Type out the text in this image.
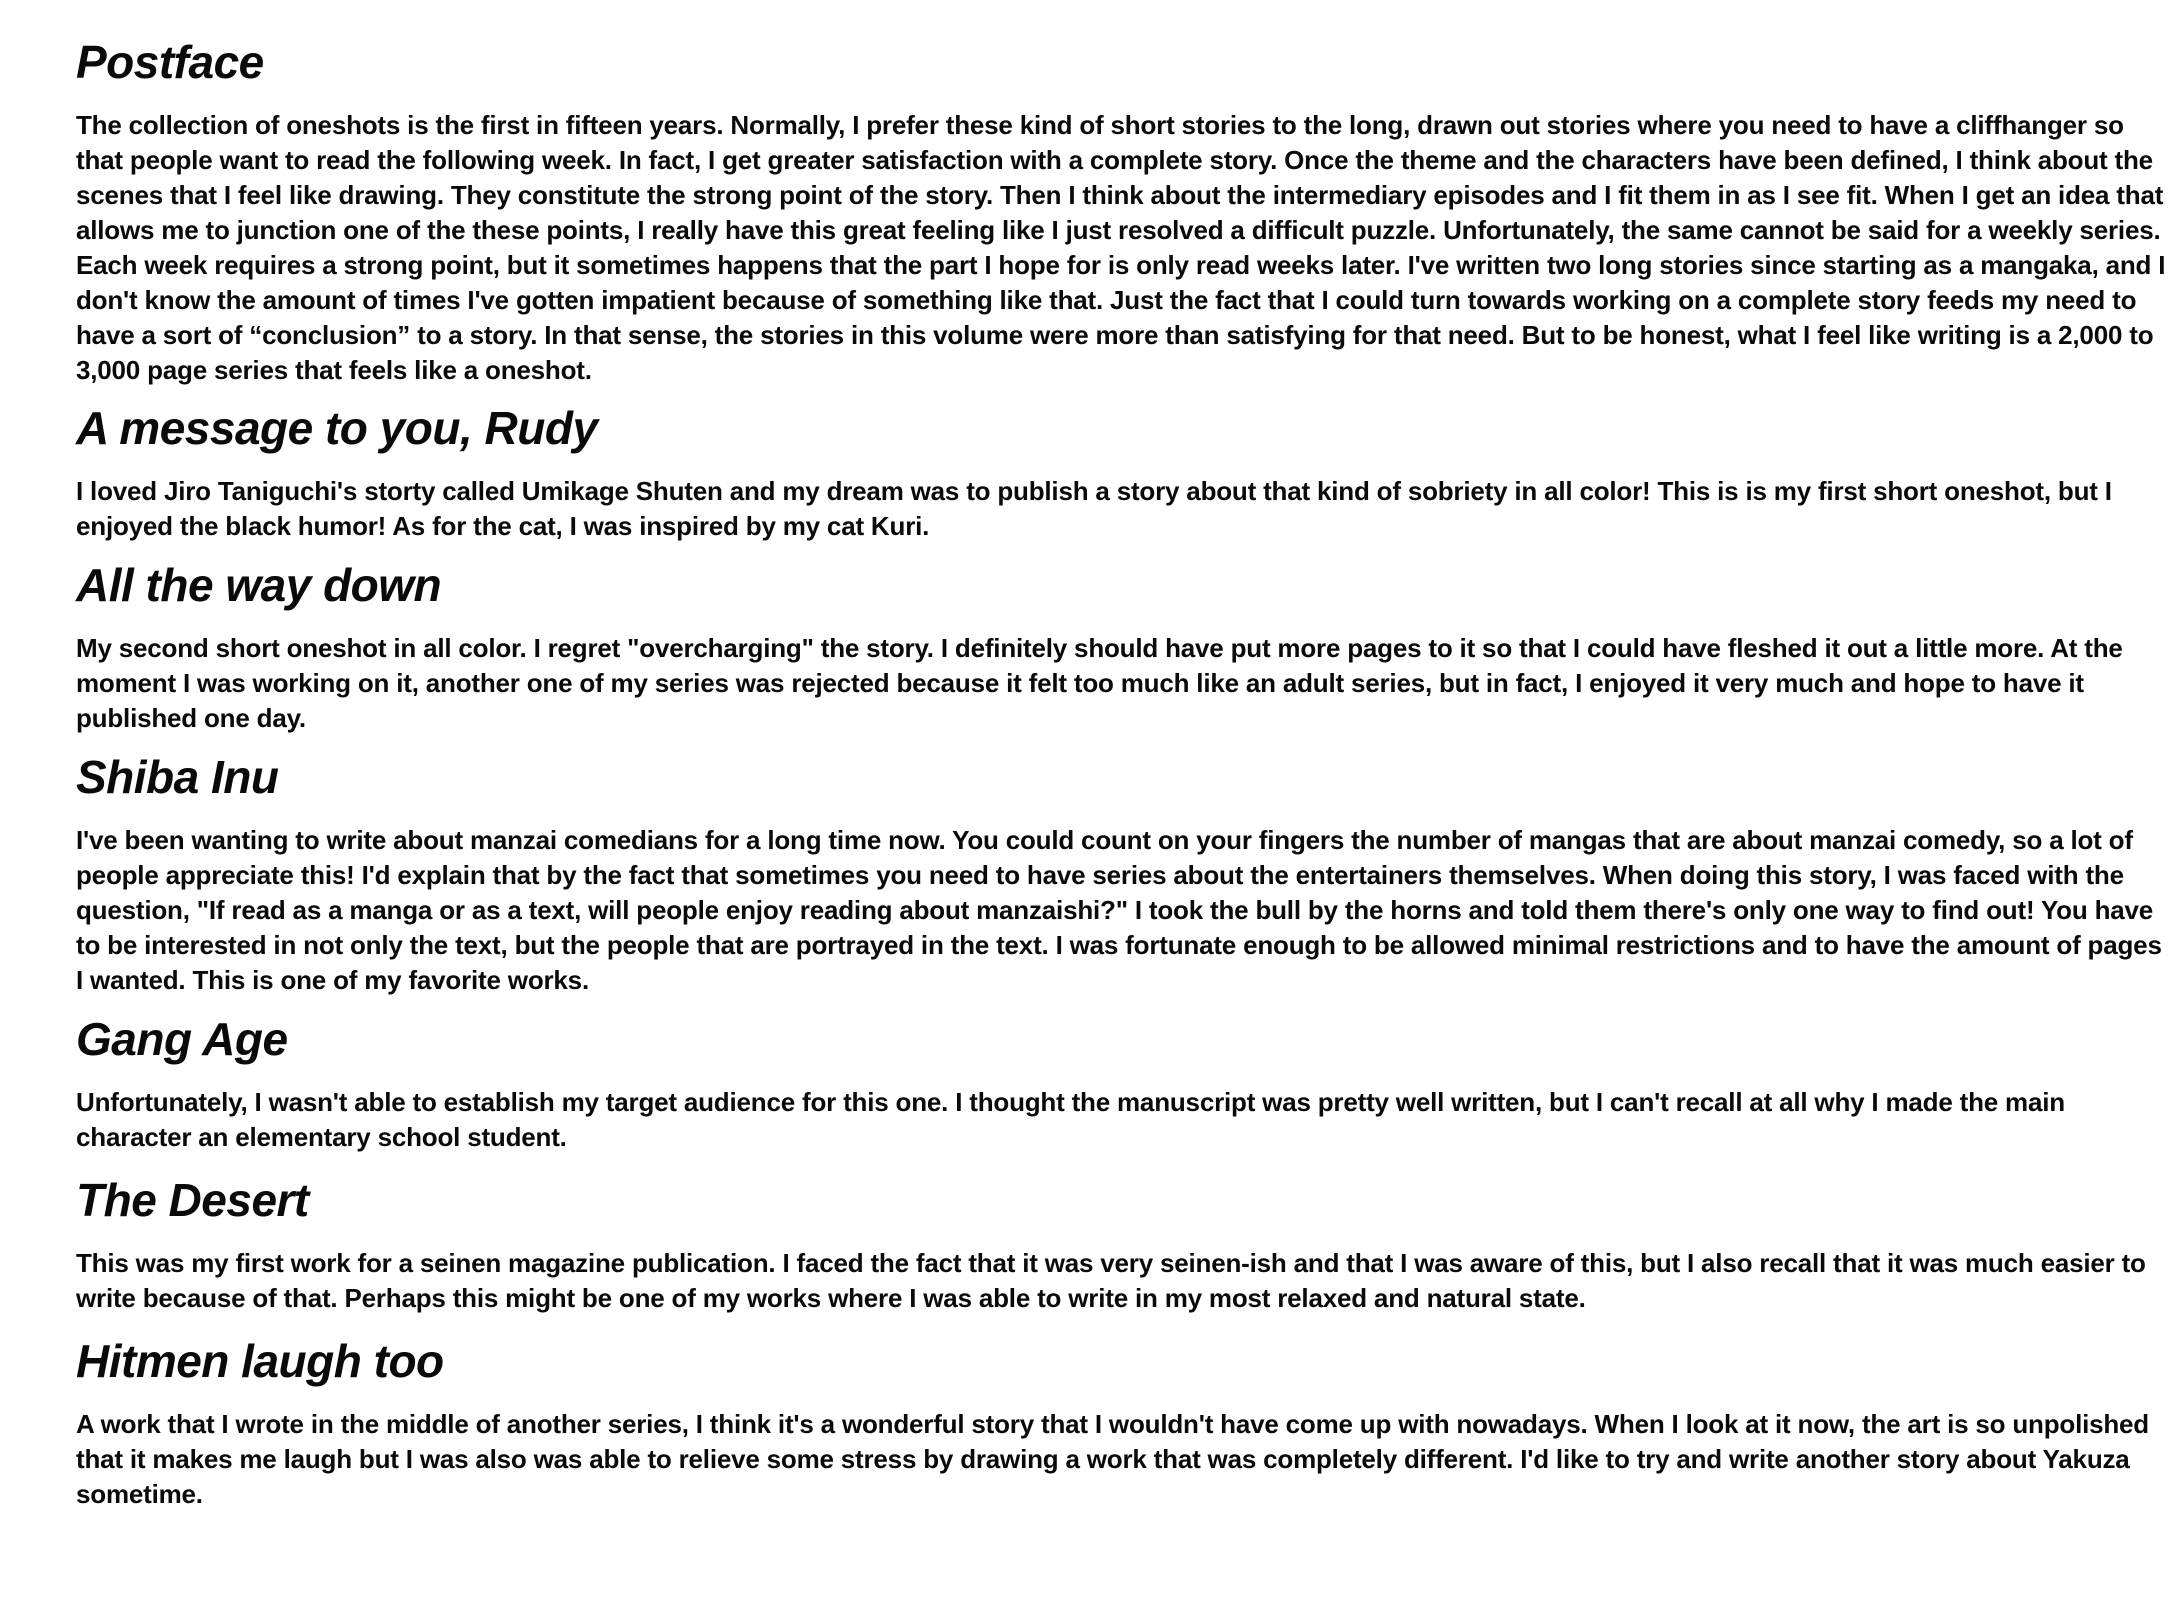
Postface

The collection of oneshots is the first in fifteen years. Normally, I prefer these kind of short stories to the long, drawn out stories where you need to have a cliffhanger so that people want to read the following week. In fact, I get greater satisfaction with a complete story. Once the theme and the characters have been defined, I think about the scenes that I feel like drawing. They constitute the strong point of the story. Then I think about the intermediary episodes and I fit them in as I see fit. When I get an idea that allows me to junction one of the these points, I really have this great feeling like I just resolved a difficult puzzle. Unfortunately, the same cannot be said for a weekly series. Each week requires a strong point, but it sometimes happens that the part I hope for is only read weeks later. I've written two long stories since starting as a mangaka, and I don't know the amount of times I've gotten impatient because of something like that. Just the fact that I could turn towards working on a complete story feeds my need to have a sort of “conclusion” to a story. In that sense, the stories in this volume were more than satisfying for that need. But to be honest, what I feel like writing is a 2,000 to 3,000 page series that feels like a oneshot.

A message to you, Rudy

I loved Jiro Taniguchi's storty called Umikage Shuten and my dream was to publish a story about that kind of sobriety in all color! This is is my first short oneshot, but I enjoyed the black humor! As for the cat, I was inspired by my cat Kuri.

All the way down

My second short oneshot in all color. I regret "overcharging" the story. I definitely should have put more pages to it so that I could have fleshed it out a little more. At the moment I was working on it, another one of my series was rejected because it felt too much like an adult series, but in fact, I enjoyed it very much and hope to have it published one day.

Shiba Inu

I've been wanting to write about manzai comedians for a long time now. You could count on your fingers the number of mangas that are about manzai comedy, so a lot of people appreciate this! I'd explain that by the fact that sometimes you need to have series about the entertainers themselves. When doing this story, I was faced with the question, "If read as a manga or as a text, will people enjoy reading about manzaishi?" I took the bull by the horns and told them there's only one way to find out! You have to be interested in not only the text, but the people that are portrayed in the text. I was fortunate enough to be allowed minimal restrictions and to have the amount of pages I wanted. This is one of my favorite works.

Gang Age

Unfortunately, I wasn't able to establish my target audience for this one. I thought the manuscript was pretty well written, but I can't recall at all why I made the main character an elementary school student.

The Desert

This was my first work for a seinen magazine publication. I faced the fact that it was very seinen-ish and that I was aware of this, but I also recall that it was much easier to write because of that. Perhaps this might be one of my works where I was able to write in my most relaxed and natural state.

Hitmen laugh too

A work that I wrote in the middle of another series, I think it's a wonderful story that I wouldn't have come up with nowadays. When I look at it now, the art is so unpolished that it makes me laugh but I was also was able to relieve some stress by drawing a work that was completely different. I'd like to try and write another story about Yakuza sometime.
